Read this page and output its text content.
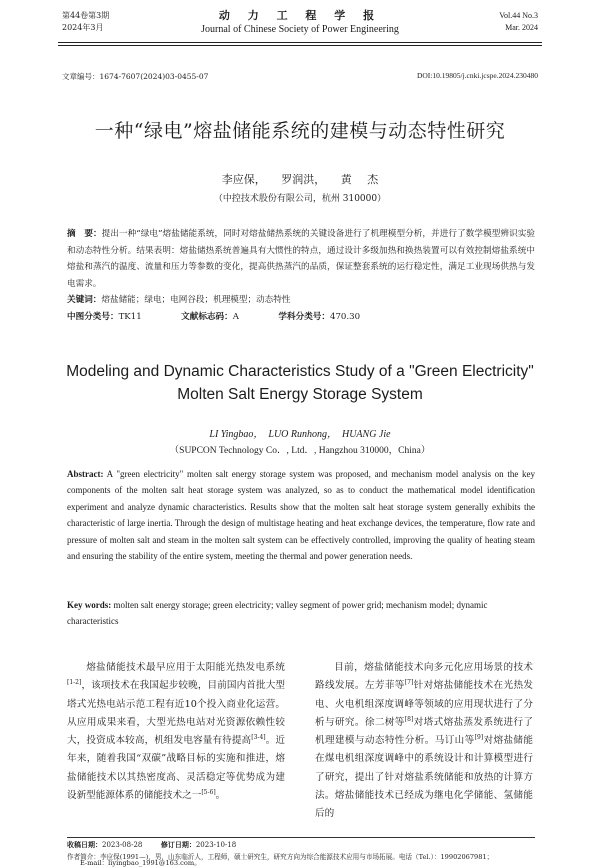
第44卷第3期
2024年3月
动 力 工 程 学 报
Journal of Chinese Society of Power Engineering
Vol.44 No.3
Mar. 2024
文章编号：1674-7607(2024)03-0455-07	DOI:10.19805/j.cnki.jcspe.2024.230480
一种“绿电”熔盐储能系统的建模与动态特性研究
李应保， 罗润洪， 黄 杰
（中控技术股份有限公司，杭州 310000）
摘　要：提出一种“绿电”熔盐储能系统，同时对熔盐储热系统的关键设备进行了机理模型分析，并进行了数学模型辨识实验和动态特性分析。结果表明：熔盐储热系统普遍具有大惯性的特点，通过设计多级加热和换热装置可以有效控制熔盐系统中熔盐和蒸汽的温度、流量和压力等参数的变化，提高供热蒸汽的品质，保证整套系统的运行稳定性，满足工业现场供热与发电需求。
关键词：熔盐储能；绿电；电网谷段；机理模型；动态特性
中图分类号：TK11	文献标志码：A	学科分类号：470.30
Modeling and Dynamic Characteristics Study of a "Green Electricity"
Molten Salt Energy Storage System
LI Yingbao，　LUO Runhong，　HUANG Jie
（SUPCON Technology Co．, Ltd．, Hangzhou 310000，China）
Abstract: A "green electricity" molten salt energy storage system was proposed, and mechanism model analysis on the key components of the molten salt heat storage system was analyzed, so as to conduct the mathematical model identification experiment and analyze dynamic characteristics. Results show that the molten salt heat storage system generally exhibits the characteristic of large inertia. Through the design of multistage heating and heat exchange devices, the temperature, flow rate and pressure of molten salt and steam in the molten salt system can be effectively controlled, improving the quality of heating steam and ensuring the stability of the entire system, meeting the thermal and power generation needs.
Key words: molten salt energy storage; green electricity; valley segment of power grid; mechanism model; dynamic characteristics
熔盐储能技术最早应用于太阳能光热发电系统[1-2]，该项技术在我国起步较晚，目前国内首批大型塔式光热电站示范工程有近10个投入商业化运营。从应用成果来看，大型光热电站对光资源依赖性较大，投资成本较高，机组发电容量有待提高[3-4]。近年来，随着我国“双碳”战略目标的实施和推进，熔盐储能技术以其热密度高、灵活稳定等优势成为建设新型能源体系的储能技术之一[5-6]。
目前，熔盐储能技术向多元化应用场景的技术路线发展。左芳菲等[7]针对熔盐储能技术在光热发电、火电机组深度调峰等领域的应用现状进行了分析与研究。徐二树等[8]对塔式熔盐蒸发系统进行了机理建模与动态特性分析。马订山等[9]对熔盐储能在煤电机组深度调峰中的系统设计和计算模型进行了研究，提出了针对熔盐系统储能和放热的计算方法。熔盐储能技术已经成为继电化学储能、氢储能后的
收稿日期：2023-08-28	修订日期：2023-10-18
作者简介：李应保(1991—)，男，山东临沂人，工程师，硕士研究生，研究方向为综合能源技术应用与市场拓展。电话（Tel.）：19902067981；
E-mail：liyingbao_1991@163.com。
